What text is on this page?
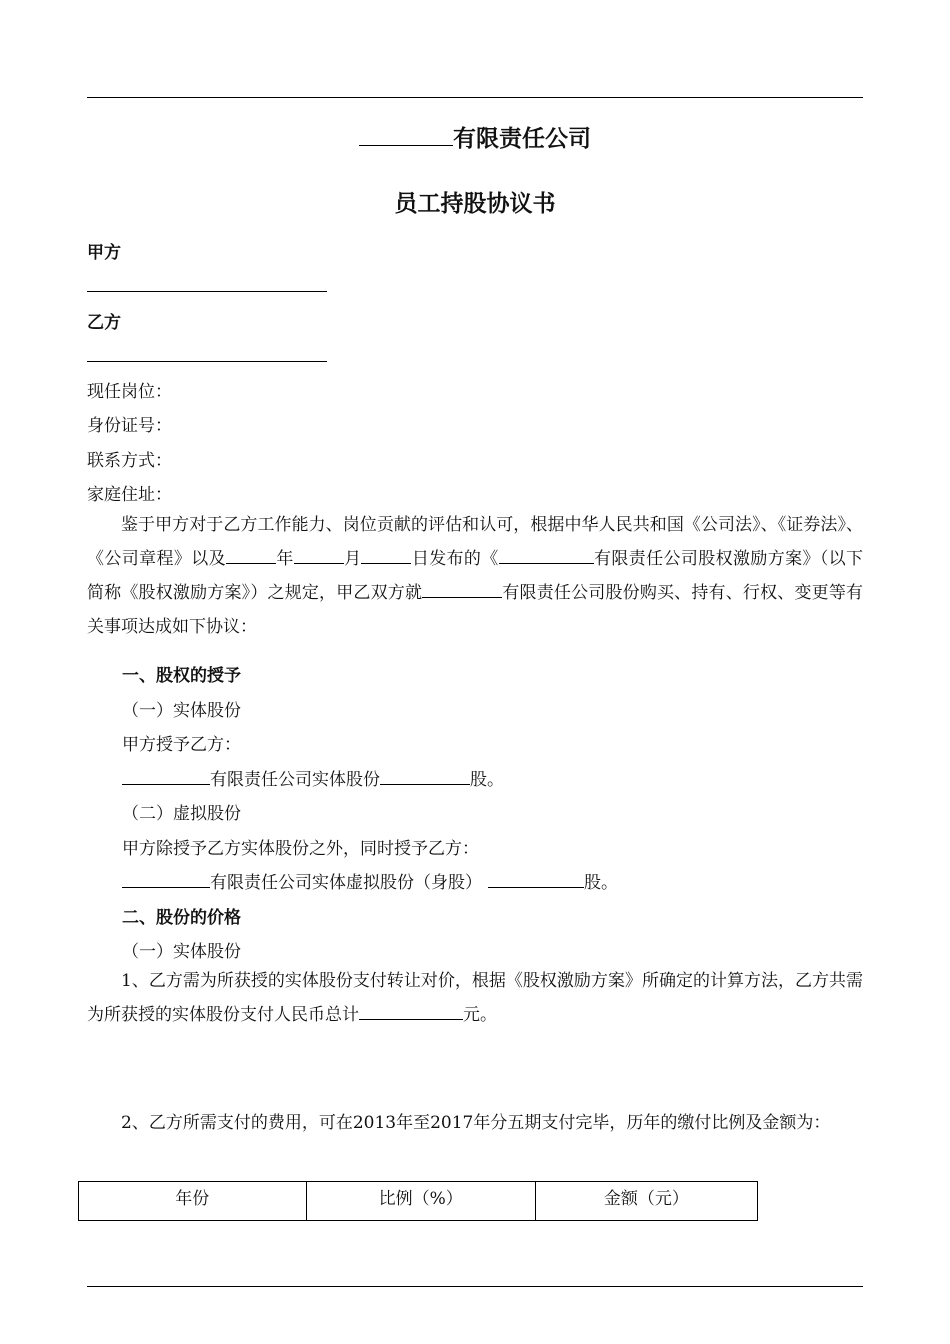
有限责任公司
员工持股协议书
甲方
乙方
现任岗位：
身份证号：
联系方式：
家庭住址：
鉴于甲方对于乙方工作能力、岗位贡献的评估和认可，根据中华人民共和国《公司法》、《证券法》、《公司章程》以及	年	月	日发布的《	有限责任公司股权激励方案》（以下简称《股权激励方案》）之规定，甲乙双方就	有限责任公司股份购买、持有、行权、变更等有关事项达成如下协议：
一、股权的授予
（一）实体股份
甲方授予乙方：
有限责任公司实体股份	股。
（二）虚拟股份
甲方除授予乙方实体股份之外，同时授予乙方：
有限责任公司实体虚拟股份（身股）	股。
二、股份的价格
（一）实体股份
1、乙方需为所获授的实体股份支付转让对价，根据《股权激励方案》所确定的计算方法，乙方共需为所获授的实体股份支付人民币总计	元。
2、乙方所需支付的费用，可在2013年至2017年分五期支付完毕，历年的缴付比例及金额为：
年份	比例（%）	金额（元）
